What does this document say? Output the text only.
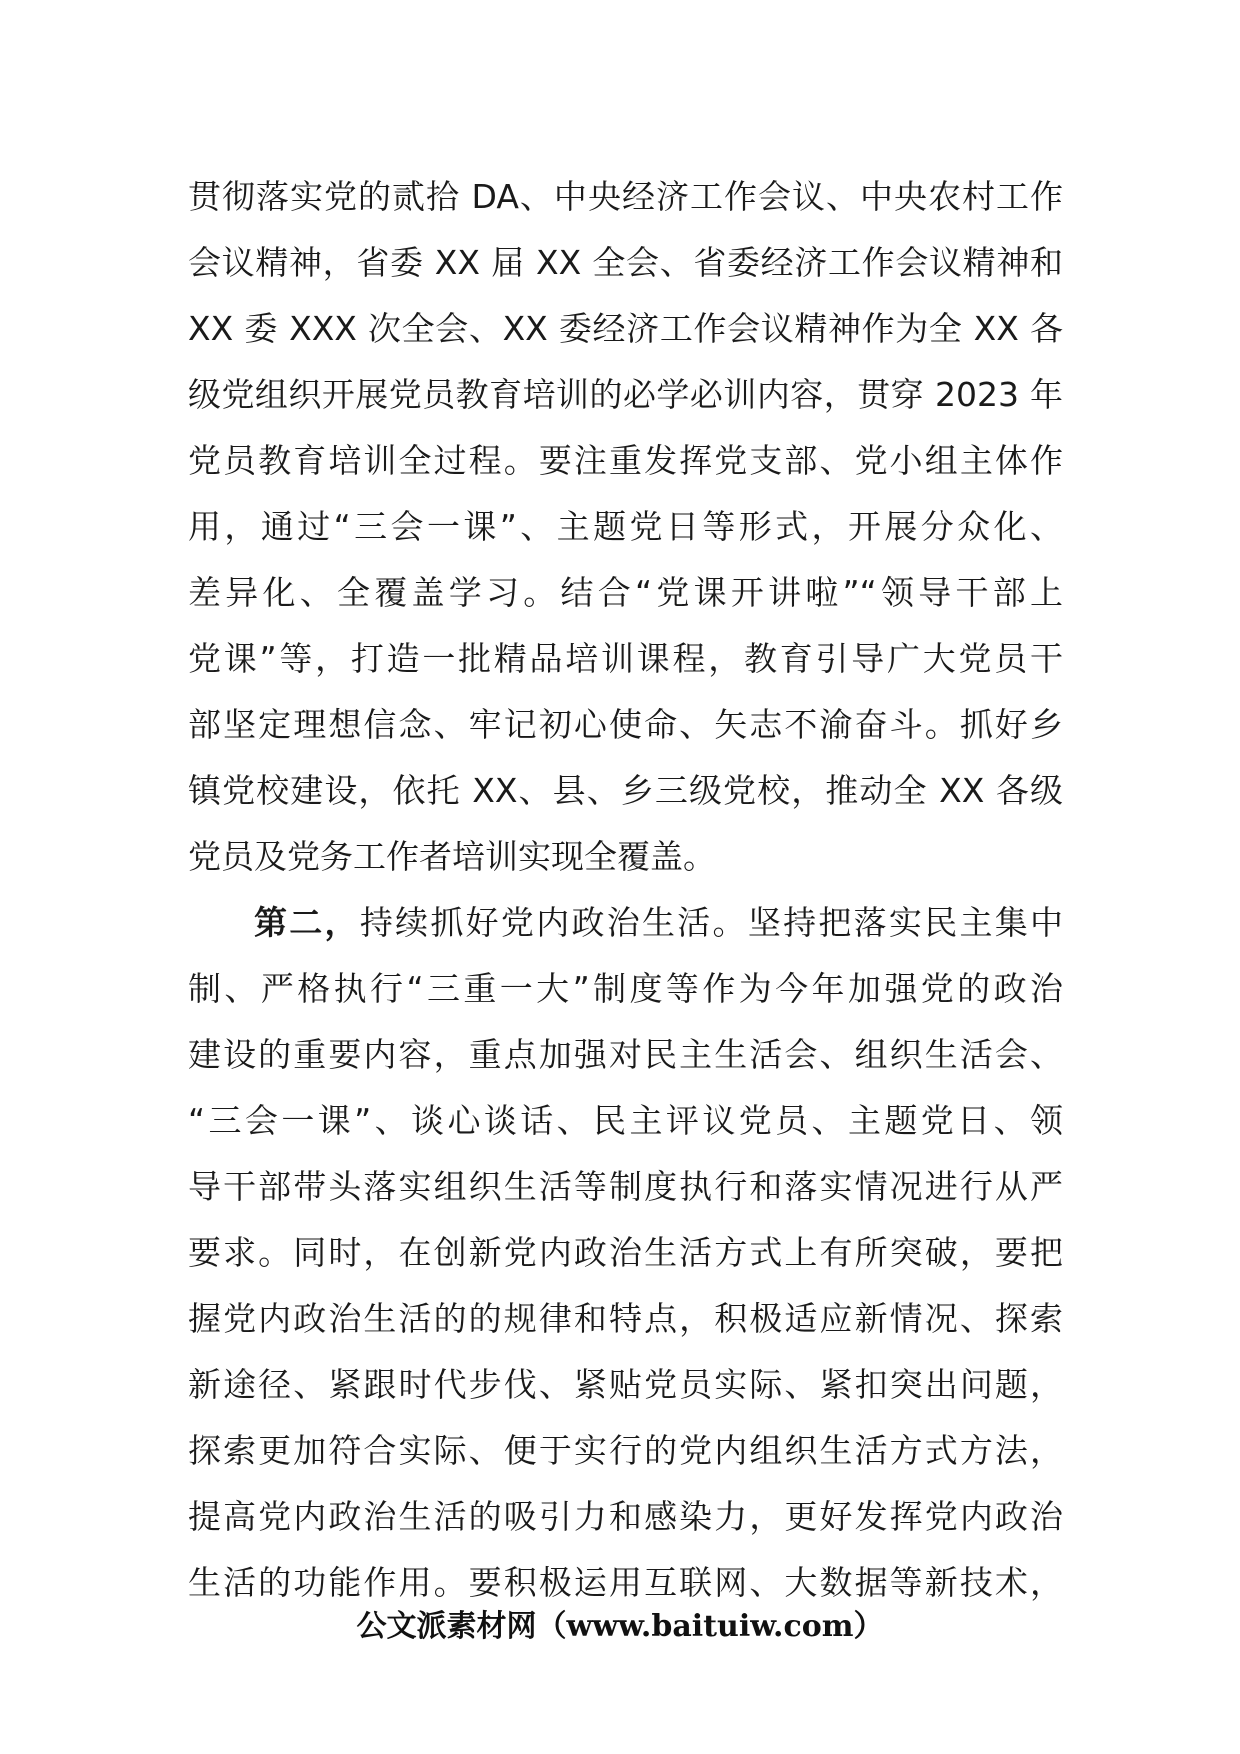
贯彻落实党的贰拾 DA、中央经济工作会议、中央农村工作
会议精神，省委 XX 届 XX 全会、省委经济工作会议精神和
XX 委 XXX 次全会、XX 委经济工作会议精神作为全 XX 各
级党组织开展党员教育培训的必学必训内容，贯穿 2023 年
党员教育培训全过程。要注重发挥党支部、党小组主体作
用，通过“三会一课”、主题党日等形式，开展分众化、
差异化、全覆盖学习。结合“党课开讲啦”“领导干部上
党课”等，打造一批精品培训课程，教育引导广大党员干
部坚定理想信念、牢记初心使命、矢志不渝奋斗。抓好乡
镇党校建设，依托 XX、县、乡三级党校，推动全 XX 各级
党员及党务工作者培训实现全覆盖。
第二，持续抓好党内政治生活。坚持把落实民主集中
制、严格执行“三重一大”制度等作为今年加强党的政治
建设的重要内容，重点加强对民主生活会、组织生活会、
“三会一课”、谈心谈话、民主评议党员、主题党日、领
导干部带头落实组织生活等制度执行和落实情况进行从严
要求。同时，在创新党内政治生活方式上有所突破，要把
握党内政治生活的的规律和特点，积极适应新情况、探索
新途径、紧跟时代步伐、紧贴党员实际、紧扣突出问题，
探索更加符合实际、便于实行的党内组织生活方式方法，
提高党内政治生活的吸引力和感染力，更好发挥党内政治
生活的功能作用。要积极运用互联网、大数据等新技术，
公文派素材网（www.baituiw.com）
